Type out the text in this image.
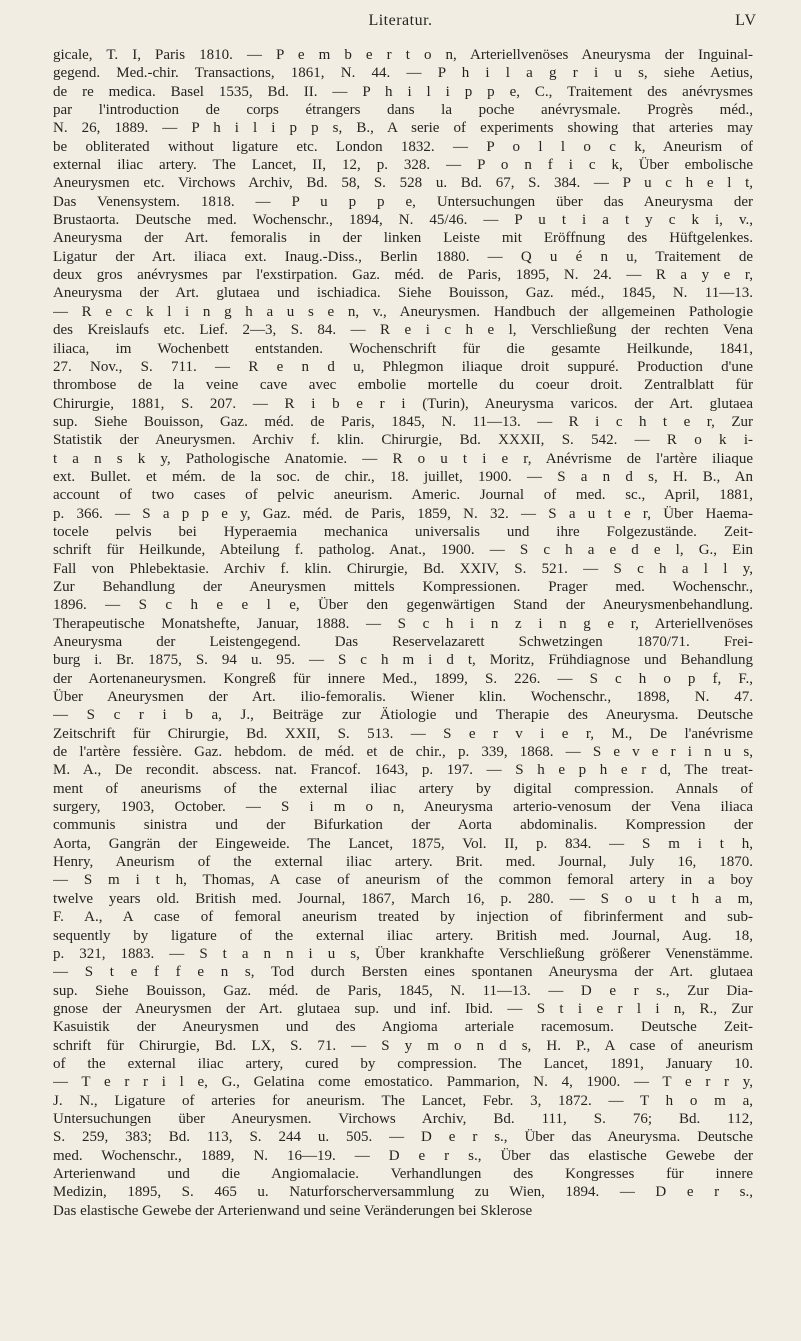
Literatur.	LV
gicale, T. I, Paris 1810. — P e m b e r t o n, Arteriellvenöses Aneurysma der Inguinal-
gegend. Med.-chir. Transactions, 1861, N. 44. — P h i l a g r i u s, siehe Aetius,
de re medica. Basel 1535, Bd. II. — P h i l i p p e, C., Traitement des anévrysmes
par l'introduction de corps étrangers dans la poche anévrysmale. Progrès méd.,
N. 26, 1889. — P h i l i p p s, B., A serie of experiments showing that arteries may
be obliterated without ligature etc. London 1832. — P o l l o c k, Aneurism of
external iliac artery. The Lancet, II, 12, p. 328. — P o n f i c k, Über embolische
Aneurysmen etc. Virchows Archiv, Bd. 58, S. 528 u. Bd. 67, S. 384. — P u c h e l t,
Das Venensystem. 1818. — P u p p e, Untersuchungen über das Aneurysma der
Brustaorta. Deutsche med. Wochenschr., 1894, N. 45/46. — P u t i a t y c k i, v.,
Aneurysma der Art. femoralis in der linken Leiste mit Eröffnung des Hüftgelenkes.
Ligatur der Art. iliaca ext. Inaug.-Diss., Berlin 1880. — Q u é n u, Traitement de
deux gros anévrysmes par l'exstirpation. Gaz. méd. de Paris, 1895, N. 24. — R a y e r,
Aneurysma der Art. glutaea und ischiadica. Siehe Bouisson, Gaz. méd., 1845, N. 11—13.
— R e c k l i n g h a u s e n, v., Aneurysmen. Handbuch der allgemeinen Pathologie
des Kreislaufs etc. Lief. 2—3, S. 84. — R e i c h e l, Verschließung der rechten Vena
iliaca, im Wochenbett entstanden. Wochenschrift für die gesamte Heilkunde, 1841,
27. Nov., S. 711. — R e n d u, Phlegmon iliaque droit suppuré. Production d'une
thrombose de la veine cave avec embolie mortelle du coeur droit. Zentralblatt für
Chirurgie, 1881, S. 207. — R i b e r i (Turin), Aneurysma varicos. der Art. glutaea
sup. Siehe Bouisson, Gaz. méd. de Paris, 1845, N. 11—13. — R i c h t e r, Zur
Statistik der Aneurysmen. Archiv f. klin. Chirurgie, Bd. XXXII, S. 542. — R o k i-
t a n s k y, Pathologische Anatomie. — R o u t i e r, Anévrisme de l'artère iliaque
ext. Bullet. et mém. de la soc. de chir., 18. juillet, 1900. — S a n d s, H. B., An
account of two cases of pelvic aneurism. Americ. Journal of med. sc., April, 1881,
p. 366. — S a p p e y, Gaz. méd. de Paris, 1859, N. 32. — S a u t e r, Über Haema-
tocele pelvis bei Hyperaemia mechanica universalis und ihre Folgezustände. Zeit-
schrift für Heilkunde, Abteilung f. patholog. Anat., 1900. — S c h a e d e l, G., Ein
Fall von Phlebektasie. Archiv f. klin. Chirurgie, Bd. XXIV, S. 521. — S c h a l l y,
Zur Behandlung der Aneurysmen mittels Kompressionen. Prager med. Wochenschr.,
1896. — S c h e e l e, Über den gegenwärtigen Stand der Aneurysmenbehandlung.
Therapeutische Monatshefte, Januar, 1888. — S c h i n z i n g e r, Arteriellvenöses
Aneurysma der Leistengegend. Das Reservelazarett Schwetzingen 1870/71. Frei-
burg i. Br. 1875, S. 94 u. 95. — S c h m i d t, Moritz, Frühdiagnose und Behandlung
der Aortenaneurysmen. Kongreß für innere Med., 1899, S. 226. — S c h o p f, F.,
Über Aneurysmen der Art. ilio-femoralis. Wiener klin. Wochenschr., 1898, N. 47.
— S c r i b a, J., Beiträge zur Ätiologie und Therapie des Aneurysma. Deutsche
Zeitschrift für Chirurgie, Bd. XXII, S. 513. — S e r v i e r, M., De l'anévrisme
de l'artère fessière. Gaz. hebdom. de méd. et de chir., p. 339, 1868. — S e v e r i n u s,
M. A., De recondit. abscess. nat. Francof. 1643, p. 197. — S h e p h e r d, The treat-
ment of aneurisms of the external iliac artery by digital compression. Annals of
surgery, 1903, October. — S i m o n, Aneurysma arterio-venosum der Vena iliaca
communis sinistra und der Bifurkation der Aorta abdominalis. Kompression der
Aorta, Gangrän der Eingeweide. The Lancet, 1875, Vol. II, p. 834. — S m i t h,
Henry, Aneurism of the external iliac artery. Brit. med. Journal, July 16, 1870.
— S m i t h, Thomas, A case of aneurism of the common femoral artery in a boy
twelve years old. British med. Journal, 1867, March 16, p. 280. — S o u t h a m,
F. A., A case of femoral aneurism treated by injection of fibrinferment and sub-
sequently by ligature of the external iliac artery. British med. Journal, Aug. 18,
p. 321, 1883. — S t a n n i u s, Über krankhafte Verschließung größerer Venenstämme.
— S t e f f e n s, Tod durch Bersten eines spontanen Aneurysma der Art. glutaea
sup. Siehe Bouisson, Gaz. méd. de Paris, 1845, N. 11—13. — D e r s., Zur Dia-
gnose der Aneurysmen der Art. glutaea sup. und inf. Ibid. — S t i e r l i n, R., Zur
Kasuistik der Aneurysmen und des Angioma arteriale racemosum. Deutsche Zeit-
schrift für Chirurgie, Bd. LX, S. 71. — S y m o n d s, H. P., A case of aneurism
of the external iliac artery, cured by compression. The Lancet, 1891, January 10.
— T e r r i l e, G., Gelatina come emostatico. Pammarion, N. 4, 1900. — T e r r y,
J. N., Ligature of arteries for aneurism. The Lancet, Febr. 3, 1872. — T h o m a,
Untersuchungen über Aneurysmen. Virchows Archiv, Bd. 111, S. 76; Bd. 112,
S. 259, 383; Bd. 113, S. 244 u. 505. — D e r s., Über das Aneurysma. Deutsche
med. Wochenschr., 1889, N. 16—19. — D e r s., Über das elastische Gewebe der
Arterienwand und die Angiomalacie. Verhandlungen des Kongresses für innere
Medizin, 1895, S. 465 u. Naturforscherversammlung zu Wien, 1894. — D e r s.,
Das elastische Gewebe der Arterienwand und seine Veränderungen bei Sklerose
